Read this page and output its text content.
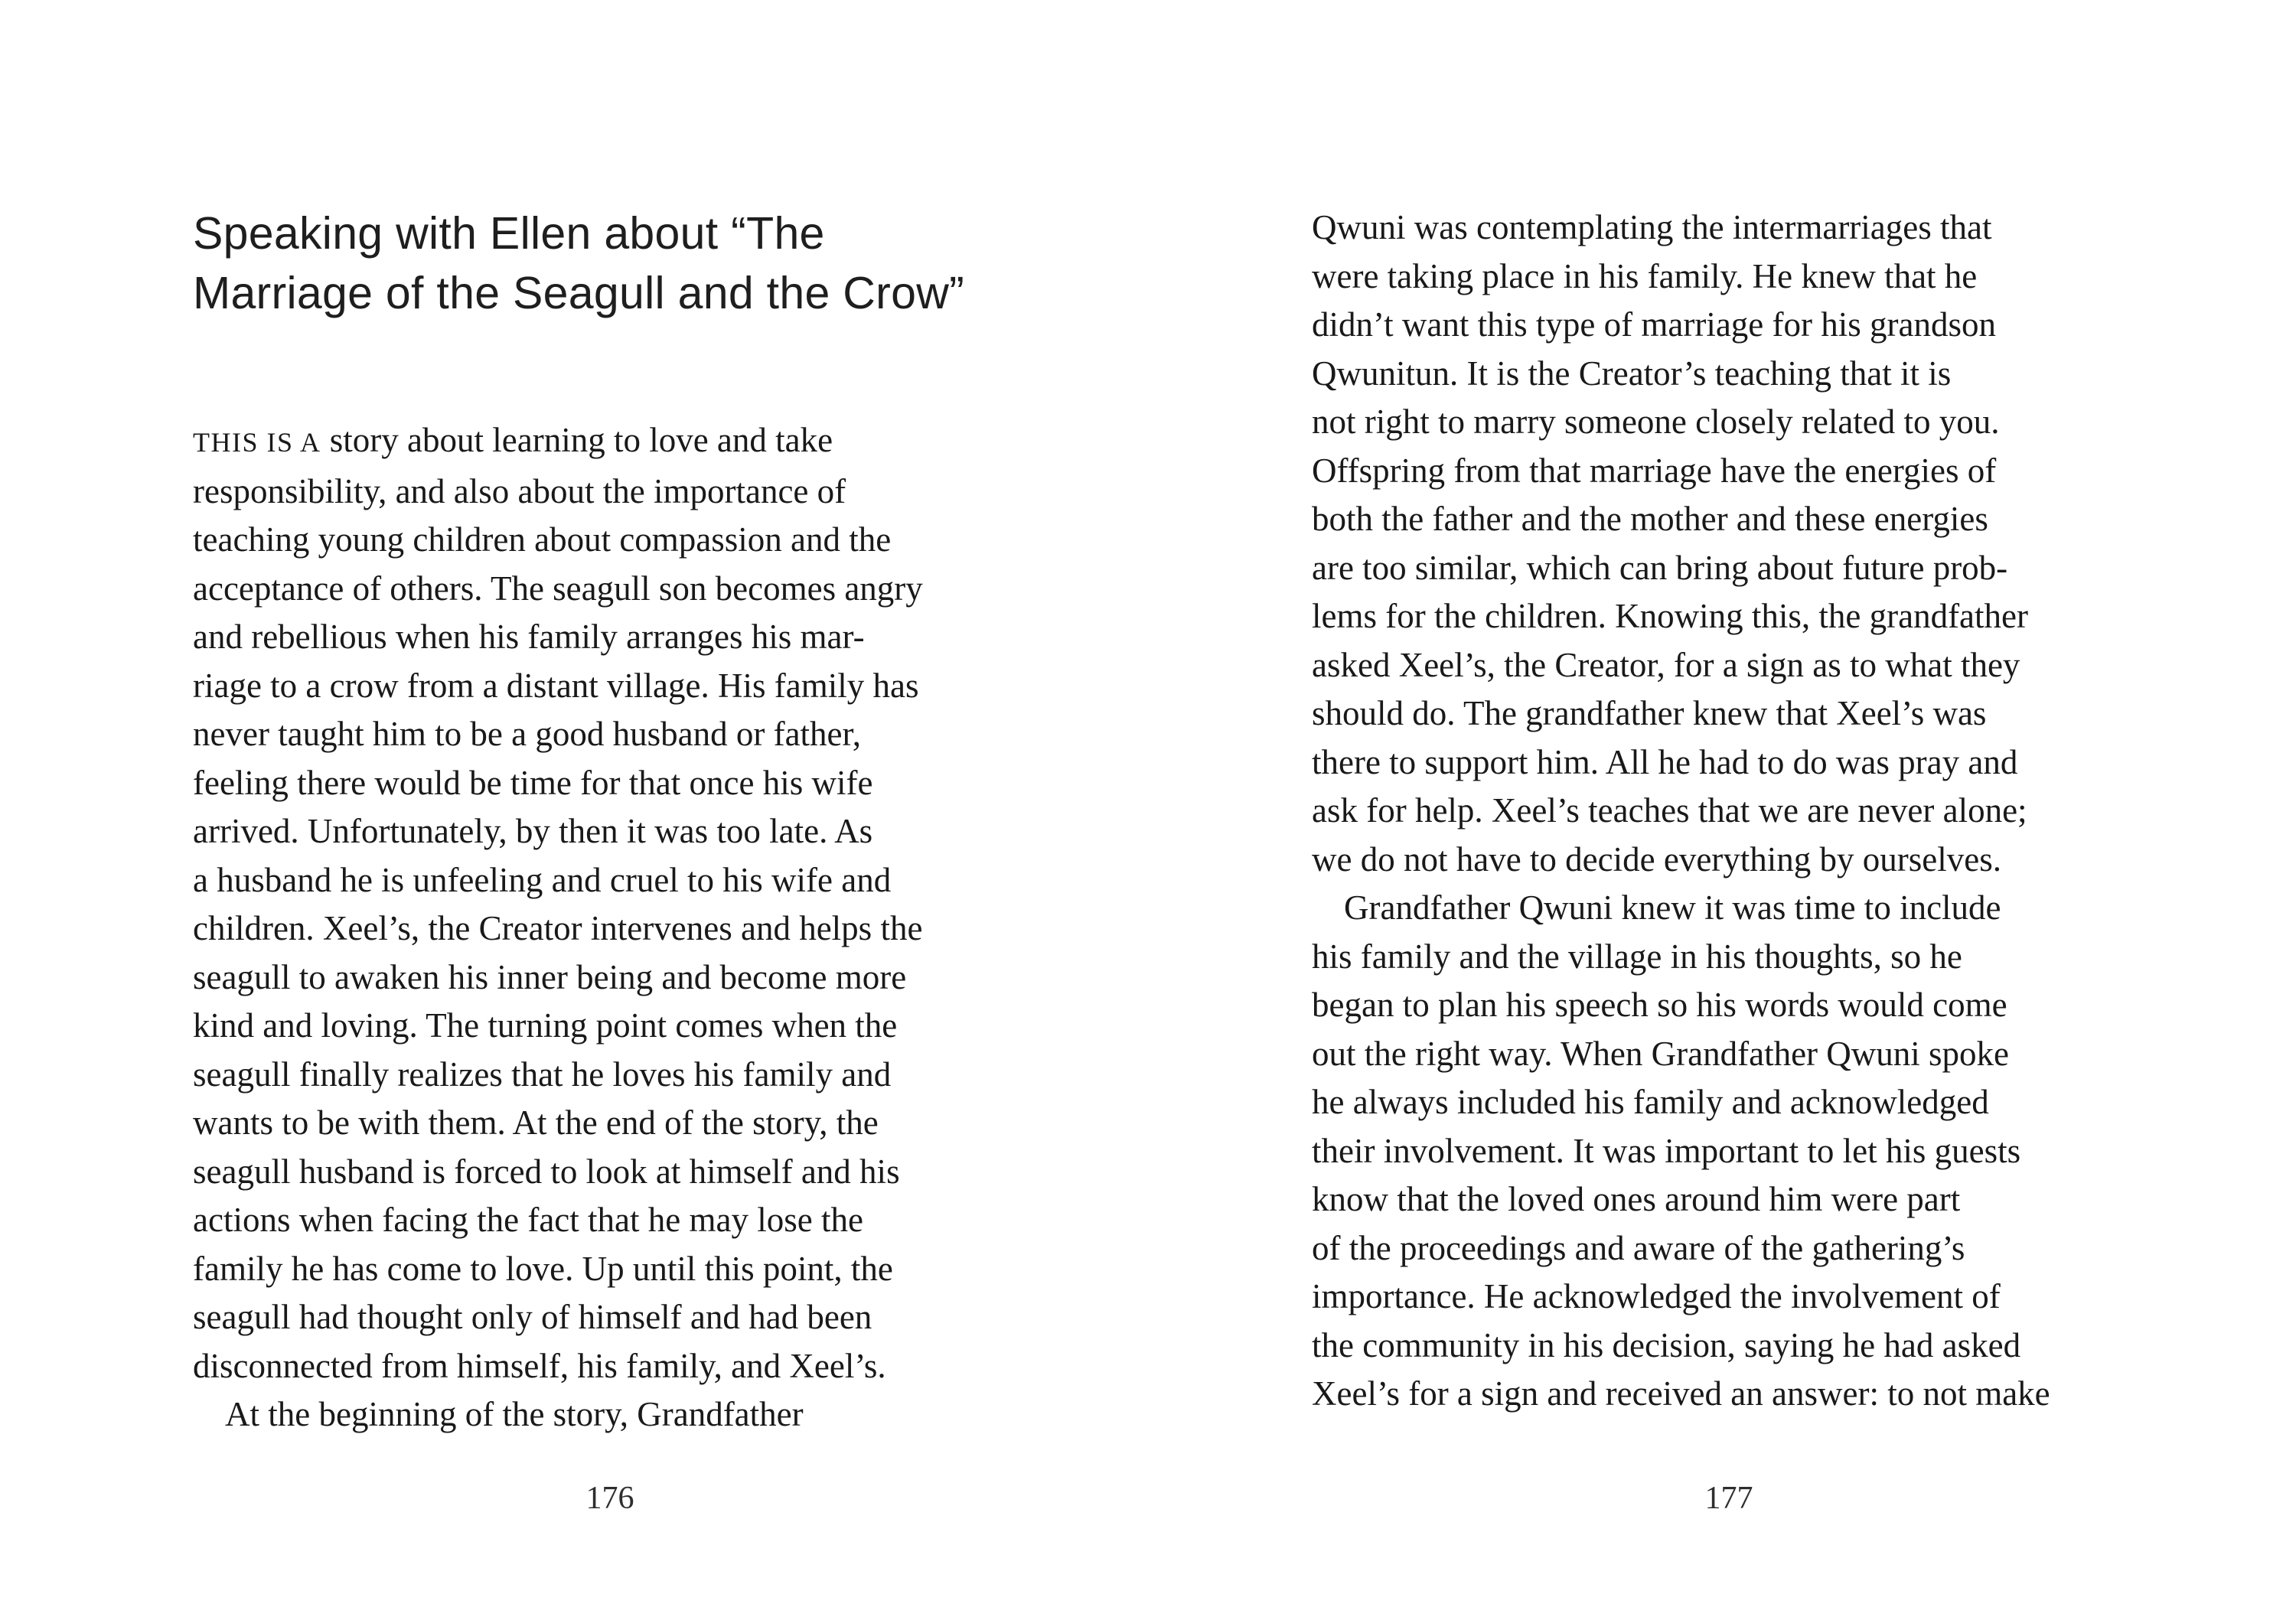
Speaking with Ellen about “The
Marriage of the Seagull and the Crow”
THIS IS A story about learning to love and take
responsibility, and also about the importance of
teaching young children about compassion and the
acceptance of others. The seagull son becomes angry
and rebellious when his family arranges his mar-
riage to a crow from a distant village. His family has
never taught him to be a good husband or father,
feeling there would be time for that once his wife
arrived. Unfortunately, by then it was too late. As
a husband he is unfeeling and cruel to his wife and
children. Xeel’s, the Creator intervenes and helps the
seagull to awaken his inner being and become more
kind and loving. The turning point comes when the
seagull finally realizes that he loves his family and
wants to be with them. At the end of the story, the
seagull husband is forced to look at himself and his
actions when facing the fact that he may lose the
family he has come to love. Up until this point, the
seagull had thought only of himself and had been
disconnected from himself, his family, and Xeel’s.
At the beginning of the story, Grandfather
Qwuni was contemplating the intermarriages that
were taking place in his family. He knew that he
didn’t want this type of marriage for his grandson
Qwunitun. It is the Creator’s teaching that it is
not right to marry someone closely related to you.
Offspring from that marriage have the energies of
both the father and the mother and these energies
are too similar, which can bring about future prob-
lems for the children. Knowing this, the grandfather
asked Xeel’s, the Creator, for a sign as to what they
should do. The grandfather knew that Xeel’s was
there to support him. All he had to do was pray and
ask for help. Xeel’s teaches that we are never alone;
we do not have to decide everything by ourselves.
Grandfather Qwuni knew it was time to include
his family and the village in his thoughts, so he
began to plan his speech so his words would come
out the right way. When Grandfather Qwuni spoke
he always included his family and acknowledged
their involvement. It was important to let his guests
know that the loved ones around him were part
of the proceedings and aware of the gathering’s
importance. He acknowledged the involvement of
the community in his decision, saying he had asked
Xeel’s for a sign and received an answer: to not make
176	177
